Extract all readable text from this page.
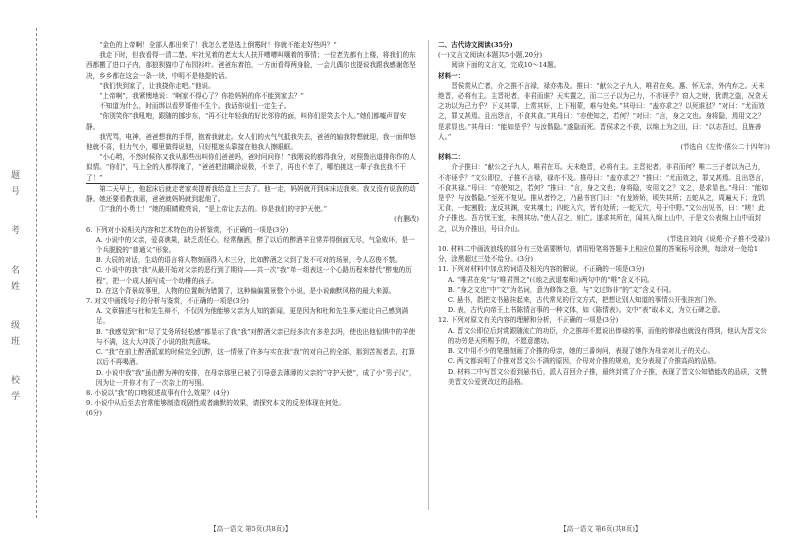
题
号
考
名
姓
级
班
校
学

“金色的上帝啊！全部人都出来了！我怎么老是选上倒霉时！你就不能走好些吗？”

我走下时，但我看得一清二楚。牢社见着的老太太人扶开嘈嘈叫嚷着的事情；一位老先都有上楼，将我们的东西都搬了进口子内，那狼狈猫巾了布园衫叶。爸爸东着拍，一方面看得两身脸，一会儿偶尔也提说我跟我感谢您坚决，乡乡都在这会一条一块，中明不是他提的话。

“我们快到家了，让我挠你走吧。”他说。

“上帝啊”，我紧懊地说：“啊家不得心了？你抢妈妈的你不能到家去？”

不知道为什么，时而绑以看罗哥他不生个。我话你说们一定生子。

“你别笑你”我吼咆，跟随的挪步东，“再不让年轻我的好比邻你的面，叫你们是笑去个人。”她们都嘘声冒安静。

我咒骂，电神，爸爸想我的手帮，抱着我就走。女人们的火气气抵我失去，爸爸的轴我特想就迎，我一面伸怒他就不喜，但力气小，哪里做得说他，只好棍迷头靠接在他我人擦眼眶。

“小心哟，不然时候你又我从那些出叫你们爸爸吗，爸时问问你！”我刚说的都得我分，对照鲁出道排你作的人似情。“你们”，马上全的人都得淹了，“爸爸把油糊涂说极，不幸了，再也不幸了，哪怕挑这一辈子我也我不干了！”

第二天早上，他起床后就走老家卖提着我给盒上三去了。他一走，妈妈就开到床床边我来。我又没有说我的动静。她还要看教我需，爸爸就妈妈就到起他了。

①“我的小勇士！”她的眼睛瞪亮说，“是上帝让去去的。你是我们的守护天使。”

(有删改)

6. 下列对小说相关内容和艺术特色的分析鉴赏，不正确的一项是(3分)

A. 小说中的父亲，爱喜谯果，缺乏责任心，经常酗酒，醉了以后的醉酒羊丑常弄得倒面无尽，气急败坏，是一个兵脱脱的“普通父”形象。

B. 大辰的对话，生动的语言将人物刻画得入木三分，比如醉酒之父到了发不可对的场景，令人忍俊不禁。

C. 小说中的我“我”从最开始对父亲的恶行到了期待——共一次“我”单一组表这一个心路历程来替代“醉鬼的历程”，把一个成人插写成一个幼稚的孩子。

D. 在这个背景故事里，人物的位置颇为错置了，这种偏偏置景整个小说，是小说幽默风格的最大来源。

7. 对文中画线句子的分析与鉴赏，不正确的一项是(3分)

A. 文章描述与杜和先生辩不，不仅因为他能够父亲为人知的新闻，更是因为和杜和先生事天能让自己感到满足。

B. “我感觉到”和“尽了艾务所轻松感”都显示了我“我”对醉酒父亲已经多次有多差去吗，使也出他惊惧中的羊使与不满，这大大冲淡了小说的批判意味。

C. “我”在前上醉酒派家的时候完全沉醉，这一情景了许多与实在我“我”的对自己的全部，那到苦视者去，打算以后不再喝酒。

D. 小说中我“我”虽由醉为神的安排，在母亲那里已被了引导意去薄薄的父亲的“守护天使”，成了小“男子汉”，因为让一并你才有了一次杂上的写照。

8. 小说以“我”的口吻叙述故事有什么效果？(4分)

9. 小说中从后至去官常能够制造戏剧性或者幽默的效果，请探究本文的反差体现在何处。

(6分)

二、古代诗文阅读(35分)

(一)文言文阅读(本题共5小题,20分)

阅读下面的文言文，完成10～14题。

材料一：

晋侯赏从亡者，介之推不言禄，禄亦弗及。推曰：“献公之子九人，唯君在矣。惠、怀无亲，外内弃之。天未绝晋，必将有主。主晋祀者，非君而谁？天实置之，而二三子以为己力，不亦诬乎？窃人之财，犹谓之盗，况贪天之功以为己力乎？下义其罪，上赏其奸，上下相蒙，难与处矣。”其母曰：“盍亦求之？以死谁怼？”对曰：“尤而效之，罪又甚焉。且出怨言，不食其食。”其母曰：“亦使知之，若何？”对曰：“言，身之文也。身将隐，焉用文之？是求显也。”其母曰：“能如是乎？与汝偕隐。”遂隐而死。晋侯求之不获，以绵上为之田，曰：“以志吾过，且旌善人。”

(节选自《左传·僖公二十四年》)

材料二：

介子推曰：“献公之子九人，唯君在耳。天未绝晋，必将有主。主晋祀者，非君而何？唯二三子者以为己力，不亦诬乎？”文公即位，子推不言禄，禄亦不及。推母曰：“盍亦求之？”推曰：“尤而效之，罪又甚焉。且出怨言，不食其禄。”母曰：“亦使知之，若何？”推曰：“言，身之文也；身将隐，安用文之？文之，是求显也。”母曰：“能如是乎？与汝偕隐。”至死不复见。推从者怜之，乃悬书宫门曰：“有龙矫矫，顷失其所；五蛇从之，周遍天下；龙饥无食，一蛇割股；龙反其渊，安其壤土；四蛇入穴，皆有处所；一蛇无穴，号于中野。”文公出见书，曰：“嗟！此介子推也。吾方忧王室，未图其功。”使人召之，则亡。遂求其所在，闻其入绵上山中，于是文公表绵上山中而封之，以为介推田，号曰介山。

(节选自刘向《说苑·介子推不受禄》)

10. 材料二中画波浪线的部分有三处需要断句，请用铅笔将答题卡上相应位置的答案标号涂黑，每涂对一处给1分，涂黑超过三处不给分。(3分)

11. 下列对材料中加点的词语及相关内容的解说，不正确的一项是(3分)

A. “唯君在矣”与“唯君图之”(《烛之武退秦师》)两句中的“唯”含义不同。

B. “身之文也”中“文”为名词，意为修饰之意，与“文过饰非”的“文”含义不同。

C. 悬书，指把文书悬挂起来，古代常见的行文方式，把想让别人知道的事情公开张挂宫门外。

D. 表，古代向帝王上书陈情言事的一种文体，如《陈情表》。文中“表”取本义，为立石碑之意。

12. 下列对原文有关内容的理解和分析，不正确的一项是(3分)

A. 晋文公即位后封赏跟随流亡的功臣，介之推却不愿说出俸禄的事，而他的俸禄也就没有得到，他认为晋文公的功劳是天所赐予的，不愿意邀功。

B. 文中用不少的笔墨刻画了介推的母亲，她的三番询问，表现了她作为母亲对儿子的关心。

C. 两文都说明了介推对晋文公不满的原因，介母对介推的规劝，充分表现了介推高尚的品格。

D. 材料二中写晋文公看到悬书后，派人召回介子推，最终封赏了介子推，表现了晋文公知错能改的品质，文赞美晋文公爱贤改过的品格。

【高一语文 第5页(共8页)】	【高一语文 第6页(共8页)】
